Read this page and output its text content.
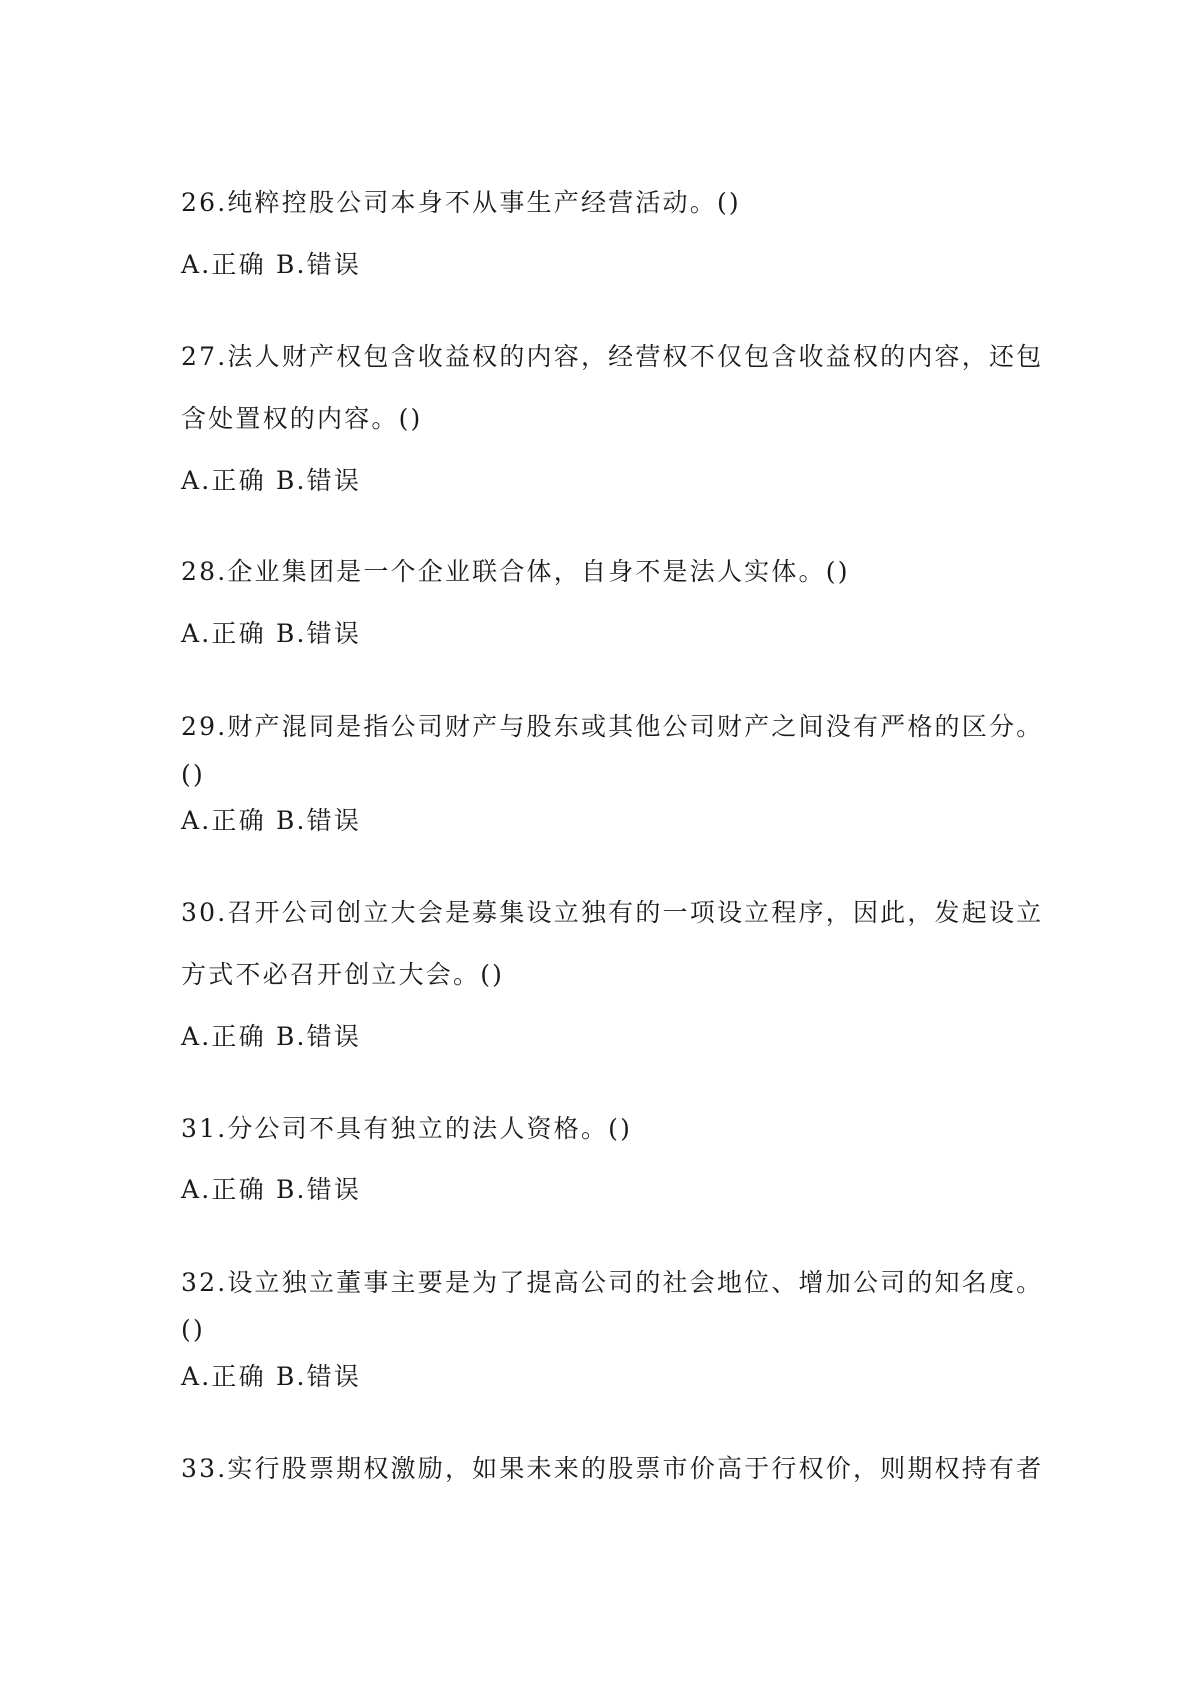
26.纯粹控股公司本身不从事生产经营活动。()
A.正确 B.错误
27.法人财产权包含收益权的内容，经营权不仅包含收益权的内容，还包
含处置权的内容。()
A.正确 B.错误
28.企业集团是一个企业联合体，自身不是法人实体。()
A.正确 B.错误
29.财产混同是指公司财产与股东或其他公司财产之间没有严格的区分。
()
A.正确 B.错误
30.召开公司创立大会是募集设立独有的一项设立程序，因此，发起设立
方式不必召开创立大会。()
A.正确 B.错误
31.分公司不具有独立的法人资格。()
A.正确 B.错误
32.设立独立董事主要是为了提高公司的社会地位、增加公司的知名度。
()
A.正确 B.错误
33.实行股票期权激励，如果未来的股票市价高于行权价，则期权持有者
